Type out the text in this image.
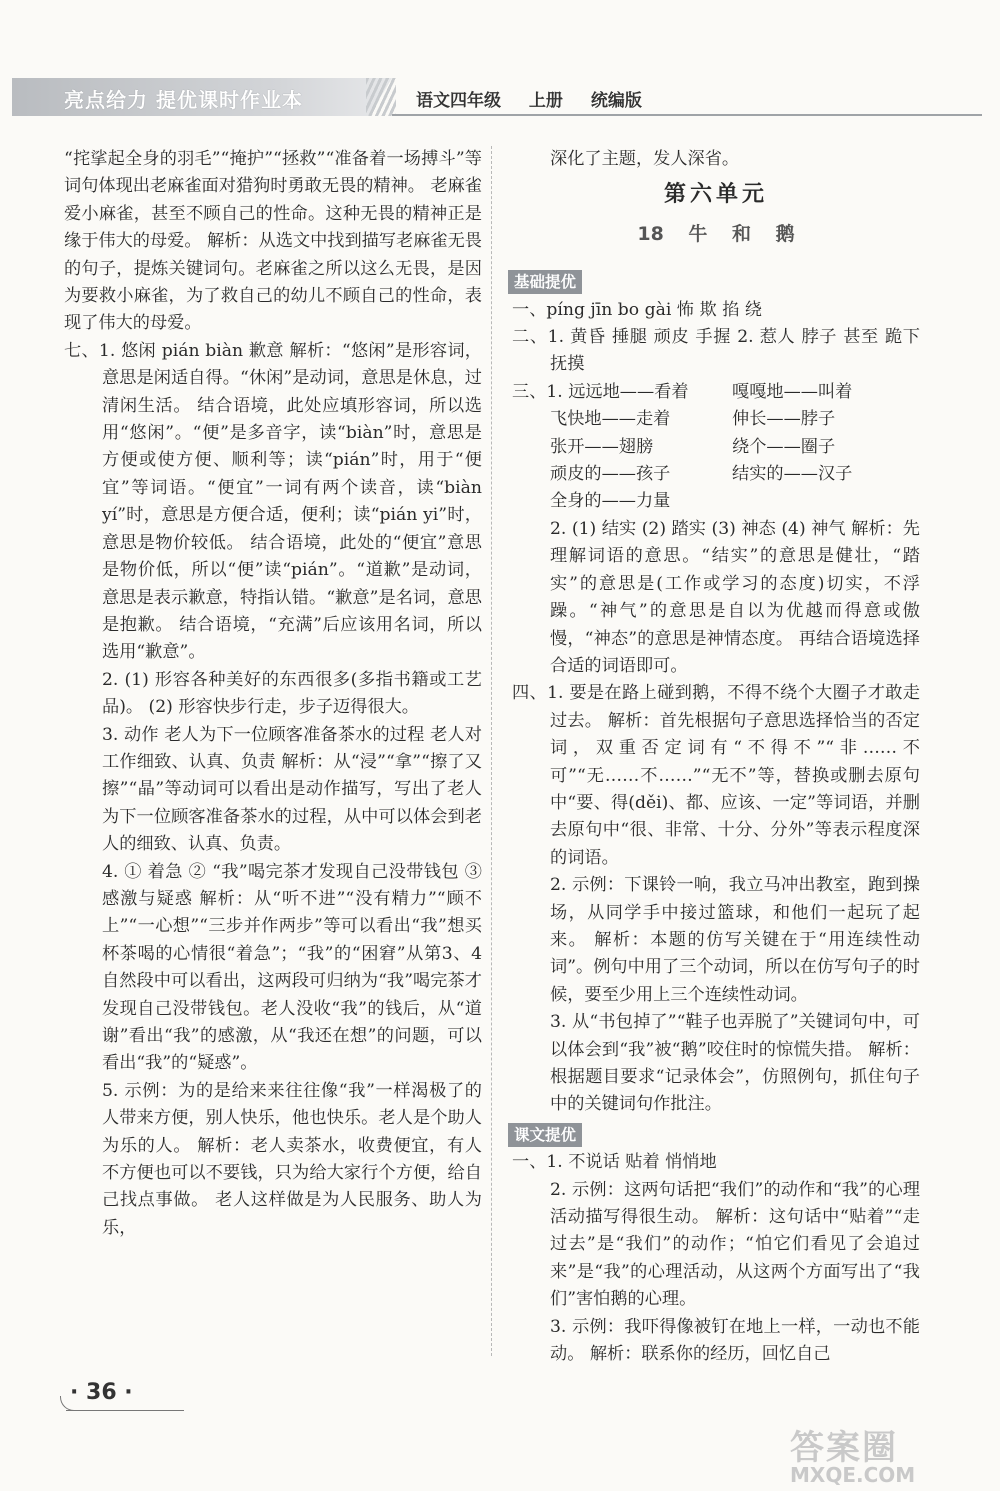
亮点给力 提优课时作业本	语文四年级 上册 统编版

“挓挲起全身的羽毛”“掩护”“拯救”“准备着一场搏斗”等词句体现出老麻雀面对猎狗时勇敢无畏的精神。 老麻雀爱小麻雀，甚至不顾自己的性命。这种无畏的精神正是缘于伟大的母爱。 解析：从选文中找到描写老麻雀无畏的句子，提炼关键词句。老麻雀之所以这么无畏，是因为要救小麻雀，为了救自己的幼儿不顾自己的性命，表现了伟大的母爱。

七、1. 悠闲 pián biàn 歉意 解析：“悠闲”是形容词，意思是闲适自得。“休闲”是动词，意思是休息，过清闲生活。 结合语境，此处应填形容词，所以选用“悠闲”。“便”是多音字，读“biàn”时，意思是方便或使方便、顺利等；读“pián”时，用于“便宜”等词语。“便宜”一词有两个读音，读“biàn yí”时，意思是方便合适，便利；读“pián yi”时，意思是物价较低。 结合语境，此处的“便宜”意思是物价低，所以“便”读“pián”。“道歉”是动词，意思是表示歉意，特指认错。“歉意”是名词，意思是抱歉。 结合语境，“充满”后应该用名词，所以选用“歉意”。

2. (1) 形容各种美好的东西很多(多指书籍或工艺品)。 (2) 形容快步行走，步子迈得很大。

3. 动作 老人为下一位顾客准备茶水的过程 老人对工作细致、认真、负责 解析：从“浸”“拿”“擦了又擦”“晶”等动词可以看出是动作描写，写出了老人为下一位顾客准备茶水的过程，从中可以体会到老人的细致、认真、负责。

4. ① 着急 ② “我”喝完茶才发现自己没带钱包 ③ 感激与疑惑 解析：从“听不进”“没有精力”“顾不上”“一心想”“三步并作两步”等可以看出“我”想买杯茶喝的心情很“着急”；“我”的“困窘”从第3、4自然段中可以看出，这两段可归纳为“我”喝完茶才发现自己没带钱包。老人没收“我”的钱后，从“道谢”看出“我”的感激，从“我还在想”的问题，可以看出“我”的“疑惑”。

5. 示例：为的是给来来往往像“我”一样渴极了的人带来方便，别人快乐，他也快乐。老人是个助人为乐的人。 解析：老人卖茶水，收费便宜，有人不方便也可以不要钱，只为给大家行个方便，给自己找点事做。 老人这样做是为人民服务、助人为乐，

深化了主题，发人深省。

第六单元
18 牛 和 鹅
基础提优

一、píng jīn bo gài 怖 欺 掐 绕

二、1. 黄昏 捶腿 顽皮 手握 2. 惹人 脖子 甚至 跪下 抚摸

三、1. 远远地——看着	嘎嘎地——叫着
飞快地——走着	伸长——脖子
张开——翅膀	绕个——圈子
顽皮的——孩子	结实的——汉子
全身的——力量

2. (1) 结实 (2) 踏实 (3) 神态 (4) 神气 解析：先理解词语的意思。“结实”的意思是健壮，“踏实”的意思是(工作或学习的态度)切实，不浮躁。“神气”的意思是自以为优越而得意或傲慢，“神态”的意思是神情态度。 再结合语境选择合适的词语即可。

四、1. 要是在路上碰到鹅，不得不绕个大圈子才敢走过去。 解析：首先根据句子意思选择恰当的否定词，双重否定词有“不得不”“非……不可”“无……不……”“无不”等，替换或删去原句中“要、得(děi)、都、应该、一定”等词语，并删去原句中“很、非常、十分、分外”等表示程度深的词语。

2. 示例：下课铃一响，我立马冲出教室，跑到操场，从同学手中接过篮球，和他们一起玩了起来。 解析：本题的仿写关键在于“用连续性动词”。例句中用了三个动词，所以在仿写句子的时候，要至少用上三个连续性动词。

3. 从“书包掉了”“鞋子也弄脱了”关键词句中，可以体会到“我”被“鹅”咬住时的惊慌失措。 解析：根据题目要求“记录体会”，仿照例句，抓住句子中的关键词句作批注。

课文提优

一、1. 不说话 贴着 悄悄地

2. 示例：这两句话把“我们”的动作和“我”的心理活动描写得很生动。 解析：这句话中“贴着”“走过去”是“我们”的动作；“怕它们看见了会追过来”是“我”的心理活动，从这两个方面写出了“我们”害怕鹅的心理。

3. 示例：我吓得像被钉在地上一样，一动也不能动。 解析：联系你的经历，回忆自己

· 36 ·
答案圈
MXQE.COM
